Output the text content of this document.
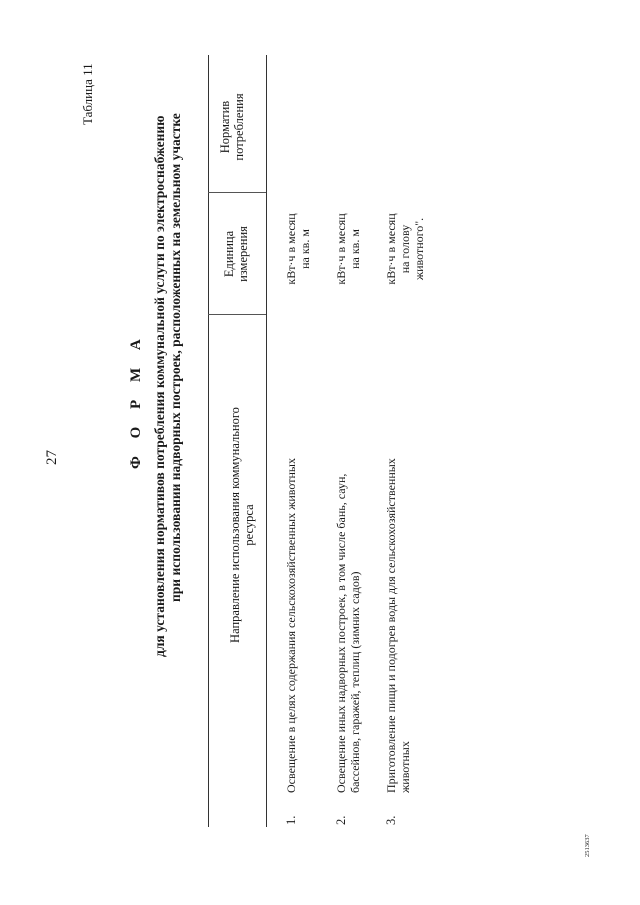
27
Таблица 11
Ф О Р М А для установления нормативов потребления коммунальной услуги по электроснабжению при использовании надворных построек, расположенных на земельном участке	Направление использования коммунального ресурса
Единица измерения
Норматив потребления
1.
Освещение в целях содержания сельскохозяйственных животных
кВт·ч в месяц на кв. м
2.
Освещение иных надворных построек, в том числе бань, саун, бассейнов, гаражей, теплиц (зимних садов)
кВт·ч в месяц на кв. м
3.
Приготовление пищи и подогрев воды для сельскохозяйственных животных
кВт·ч в месяц на голову животного".
2513637
